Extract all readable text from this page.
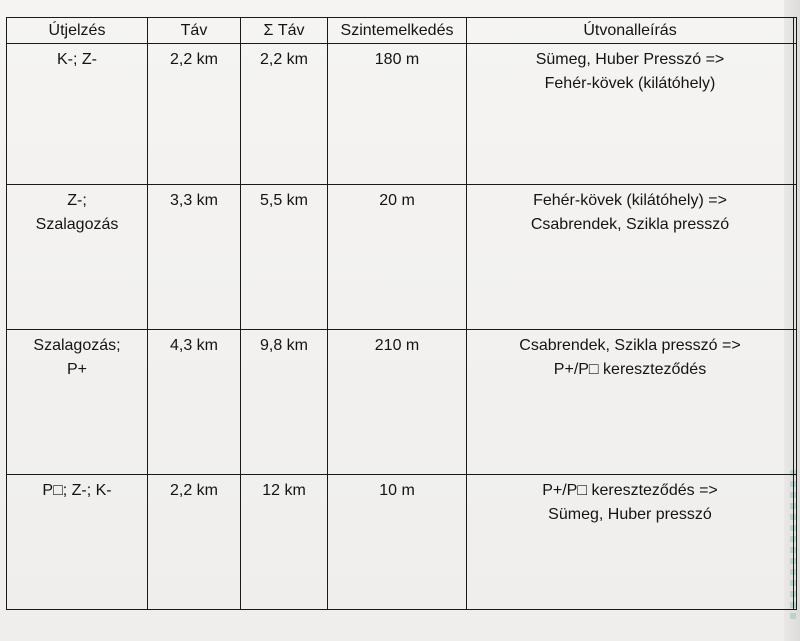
Útjelzés	Táv	Σ Táv	Szintemelkedés	Útvonalleírás	
K-; Z-	2,2 km	2,2 km	180 m	Sümeg, Huber Presszó =>
Fehér-kövek (kilátóhely)	
Z-;
Szalagozás	3,3 km	5,5 km	20 m	Fehér-kövek (kilátóhely) =>
Csabrendek, Szikla presszó	
Szalagozás;
P+	4,3 km	9,8 km	210 m	Csabrendek, Szikla presszó =>
P+/P□ kereszteződés	
P□; Z-; K-	2,2 km	12 km	10 m	P+/P□ kereszteződés =>
Sümeg, Huber presszó	
